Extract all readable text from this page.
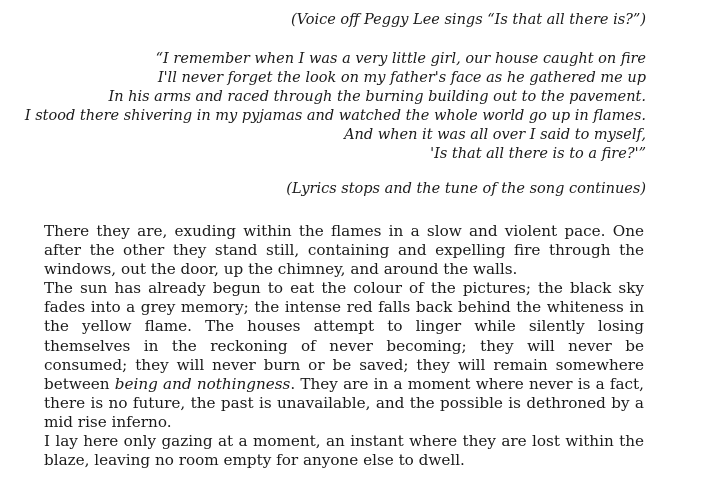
(Voice off Peggy Lee sings “Is that all there is?”)
“I remember when I was a very little girl, our house caught on fire
I'll never forget the look on my father's face as he gathered me up
In his arms and raced through the burning building out to the pavement.
I stood there shivering in my pyjamas and watched the whole world go up in flames.
And when it was all over I said to myself,
'Is that all there is to a fire?'”
(Lyrics stops and the tune of the song continues)

There they are, exuding within the flames in a slow and violent pace. One after the other they stand still, containing and expelling fire through the windows, out the door, up the chimney, and around the walls.

The sun has already begun to eat the colour of the pictures; the black sky fades into a grey memory; the intense red falls back behind the whiteness in the yellow flame. The houses attempt to linger while silently losing themselves in the reckoning of never becoming; they will never be consumed; they will never burn or be saved; they will remain somewhere between being and nothingness. They are in a moment where never is a fact, there is no future, the past is unavailable, and the possible is dethroned by a mid rise inferno.

I lay here only gazing at a moment, an instant where they are lost within the blaze, leaving no room empty for anyone else to dwell.
